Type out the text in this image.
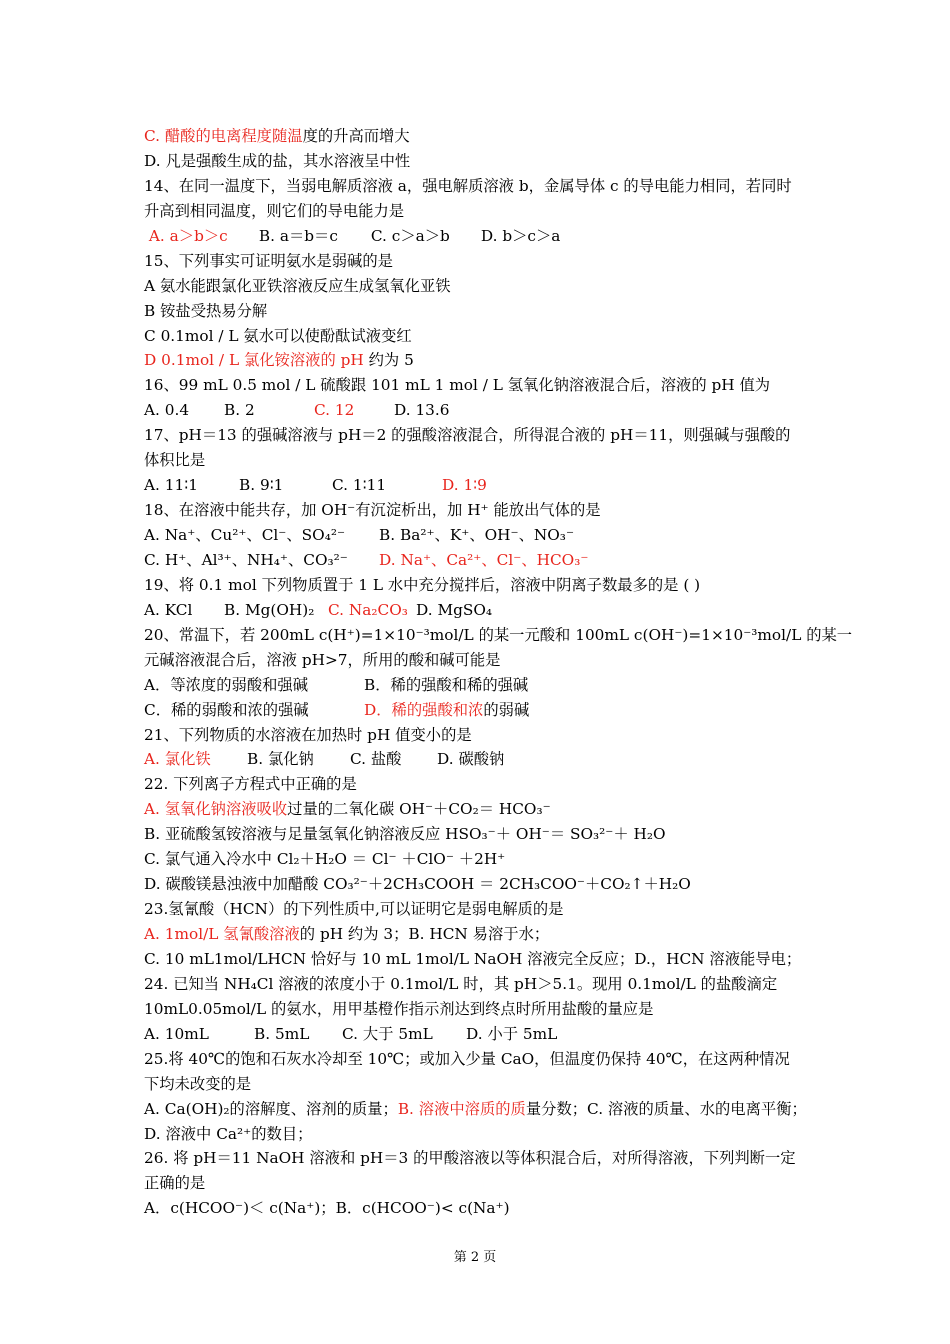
C. 醋酸的电离程度随温度的升高而增大
D. 凡是强酸生成的盐，其水溶液呈中性
14、在同一温度下，当弱电解质溶液 a，强电解质溶液 b，金属导体 c 的导电能力相同，若同时
升高到相同温度，则它们的导电能力是
A. a＞b＞c B. a＝b＝c C. c＞a＞b D. b＞c＞a
15、下列事实可证明氨水是弱碱的是
A 氨水能跟氯化亚铁溶液反应生成氢氧化亚铁
B 铵盐受热易分解
C 0.1mol / L 氨水可以使酚酞试液变红
D 0.1mol / L 氯化铵溶液的 pH 约为 5
16、99 mL 0.5 mol / L 硫酸跟 101 mL 1 mol / L 氢氧化钠溶液混合后，溶液的 pH 值为
A. 0.4 B. 2	C. 12	D. 13.6
17、pH＝13 的强碱溶液与 pH＝2 的强酸溶液混合，所得混合液的 pH＝11，则强碱与强酸的
体积比是
A. 11∶1	B. 9∶1	C. 1∶11	D. 1∶9
18、在溶液中能共存，加 OH⁻有沉淀析出，加 H⁺ 能放出气体的是
A. Na⁺、Cu²⁺、Cl⁻、SO₄²⁻ B. Ba²⁺、K⁺、OH⁻、NO₃⁻
C. H⁺、Al³⁺、NH₄⁺、CO₃²⁻ D. Na⁺、Ca²⁺、Cl⁻、HCO₃⁻
19、将 0.1 mol 下列物质置于 1 L 水中充分搅拌后，溶液中阴离子数最多的是 ( )
A. KCl B. Mg(OH)₂ C. Na₂CO₃ D. MgSO₄
20、常温下，若 200mL c(H⁺)=1×10⁻³mol/L 的某一元酸和 100mL c(OH⁻)=1×10⁻³mol/L 的某一
元碱溶液混合后，溶液 pH>7，所用的酸和碱可能是
A．等浓度的弱酸和强碱	B．稀的强酸和稀的强碱
C．稀的弱酸和浓的强碱	D．稀的强酸和浓的弱碱
21、下列物质的水溶液在加热时 pH 值变小的是
A. 氯化铁 B. 氯化钠 C. 盐酸 D. 碳酸钠
22. 下列离子方程式中正确的是
A. 氢氧化钠溶液吸收过量的二氧化碳 OH⁻＋CO₂＝ HCO₃⁻
B. 亚硫酸氢铵溶液与足量氢氧化钠溶液反应 HSO₃⁻＋ OH⁻＝ SO₃²⁻＋ H₂O
C. 氯气通入冷水中 Cl₂＋H₂O ＝ Cl⁻ ＋ClO⁻ ＋2H⁺
D. 碳酸镁悬浊液中加醋酸 CO₃²⁻＋2CH₃COOH ＝ 2CH₃COO⁻＋CO₂↑＋H₂O
23.氢氰酸（HCN）的下列性质中,可以证明它是弱电解质的是
A. 1mol/L 氢氰酸溶液的 pH 约为 3；B. HCN 易溶于水；
C. 10 mL1mol/LHCN 恰好与 10 mL 1mol/L NaOH 溶液完全反应；D.，HCN 溶液能导电；
24. 已知当 NH₄Cl 溶液的浓度小于 0.1mol/L 时，其 pH＞5.1。现用 0.1mol/L 的盐酸滴定
10mL0.05mol/L 的氨水，用甲基橙作指示剂达到终点时所用盐酸的量应是
A. 10mL	B. 5mL C. 大于 5mL D. 小于 5mL
25.将 40℃的饱和石灰水冷却至 10℃；或加入少量 CaO，但温度仍保持 40℃，在这两种情况
下均未改变的是
A. Ca(OH)₂的溶解度、溶剂的质量；B. 溶液中溶质的质量分数；C. 溶液的质量、水的电离平衡；
D. 溶液中 Ca²⁺的数目；
26. 将 pH＝11 NaOH 溶液和 pH＝3 的甲酸溶液以等体积混合后，对所得溶液，下列判断一定
正确的是
A．c(HCOO⁻)＜ c(Na⁺)；B．c(HCOO⁻)< c(Na⁺)
第 2 页
